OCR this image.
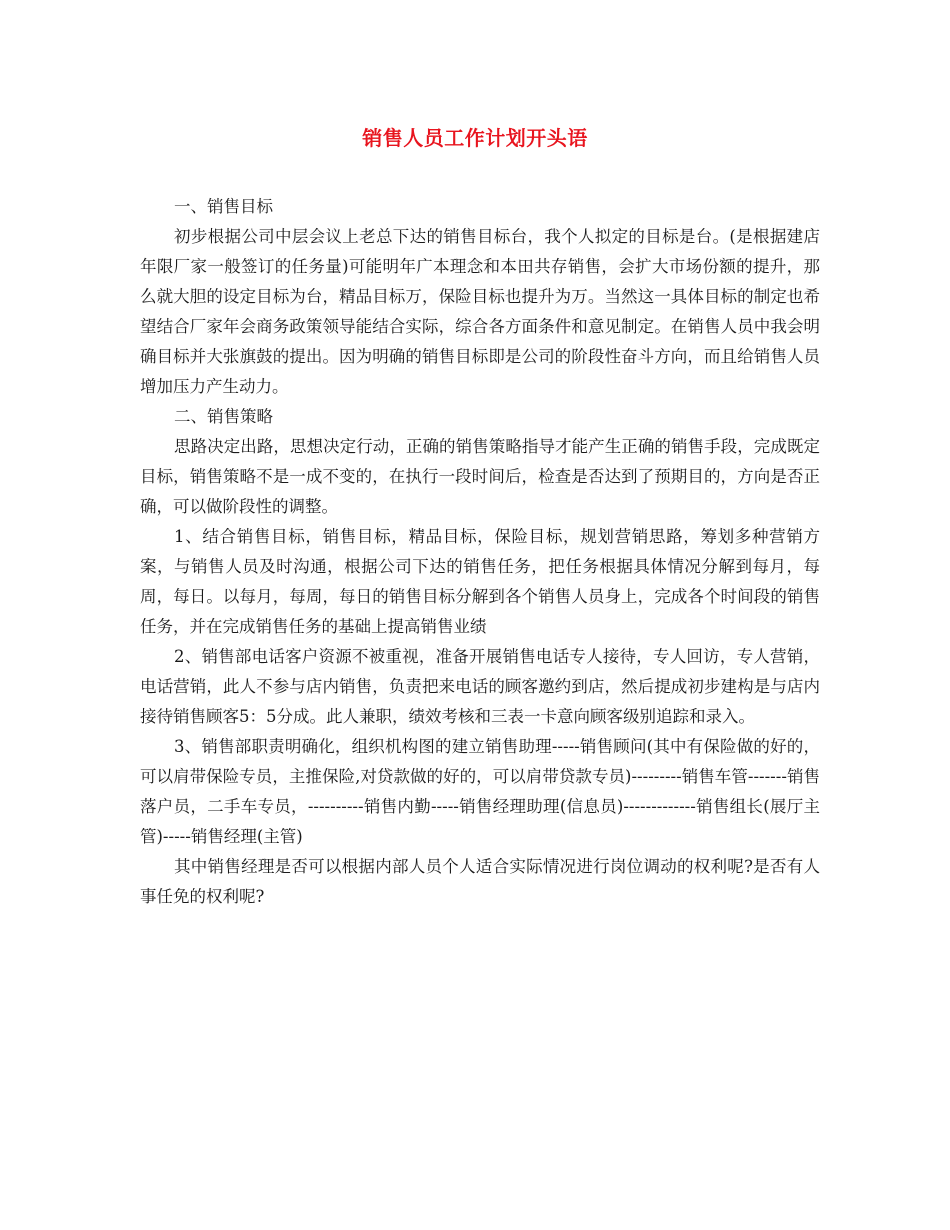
销售人员工作计划开头语

一、销售目标

初步根据公司中层会议上老总下达的销售目标台，我个人拟定的目标是台。(是根据建店年限厂家一般签订的任务量)可能明年广本理念和本田共存销售，会扩大市场份额的提升，那么就大胆的设定目标为台，精品目标万，保险目标也提升为万。当然这一具体目标的制定也希望结合厂家年会商务政策领导能结合实际，综合各方面条件和意见制定。在销售人员中我会明确目标并大张旗鼓的提出。因为明确的销售目标即是公司的阶段性奋斗方向，而且给销售人员增加压力产生动力。

二、销售策略

思路决定出路，思想决定行动，正确的销售策略指导才能产生正确的销售手段，完成既定目标，销售策略不是一成不变的，在执行一段时间后，检查是否达到了预期目的，方向是否正确，可以做阶段性的调整。

1、结合销售目标，销售目标，精品目标，保险目标，规划营销思路，筹划多种营销方案，与销售人员及时沟通，根据公司下达的销售任务，把任务根据具体情况分解到每月，每周，每日。以每月，每周，每日的销售目标分解到各个销售人员身上，完成各个时间段的销售任务，并在完成销售任务的基础上提高销售业绩

2、销售部电话客户资源不被重视，准备开展销售电话专人接待，专人回访，专人营销，电话营销，此人不参与店内销售，负责把来电话的顾客邀约到店，然后提成初步建构是与店内接待销售顾客5：5分成。此人兼职，绩效考核和三表一卡意向顾客级别追踪和录入。

3、销售部职责明确化，组织机构图的建立销售助理-----销售顾问(其中有保险做的好的，可以肩带保险专员，主推保险,对贷款做的好的，可以肩带贷款专员)---------销售车管-------销售落户员，二手车专员，----------销售内勤-----销售经理助理(信息员)-------------销售组长(展厅主管)-----销售经理(主管)

其中销售经理是否可以根据内部人员个人适合实际情况进行岗位调动的权利呢?是否有人事任免的权利呢?
